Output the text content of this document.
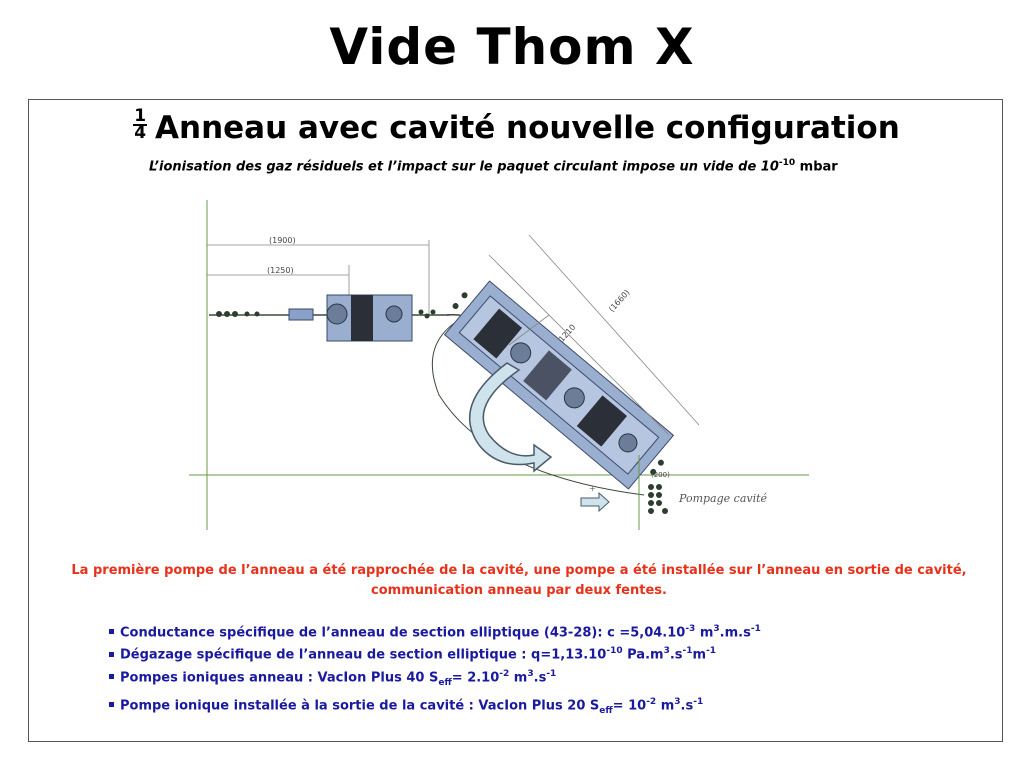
Vide Thom X
$\frac{1}{4}$ Anneau avec cavité nouvelle configuration
L’ionisation des gaz résiduels et l’impact sur le paquet circulant impose un vide de $10^{-10}$ mbar
(1900)
(1250)
1210
(1660)
(200)
Pompage cavité
+
La première pompe de l’anneau a été rapprochée de la cavité, une pompe a été installée sur l’anneau en sortie de cavité, communication anneau par deux fentes.
Conductance spécifique de l’anneau de section elliptique (43-28): $c =5,04.10^{-3}$ $m^3.m.s^{-1}$
Dégazage spécifique de l’anneau de section elliptique : $q=1,13.10^{-10}$ $Pa.m^3.s^{-1}m^{-1}$
Pompes ioniques anneau : VacIon Plus 40 $S_{eff}= 2.10^{-2}$ $m^3.s^{-1}$
Pompe ionique installée à la sortie de la cavité : VacIon Plus 20 $S_{eff}= 10^{-2}$ $m^3.s^{-1}$
